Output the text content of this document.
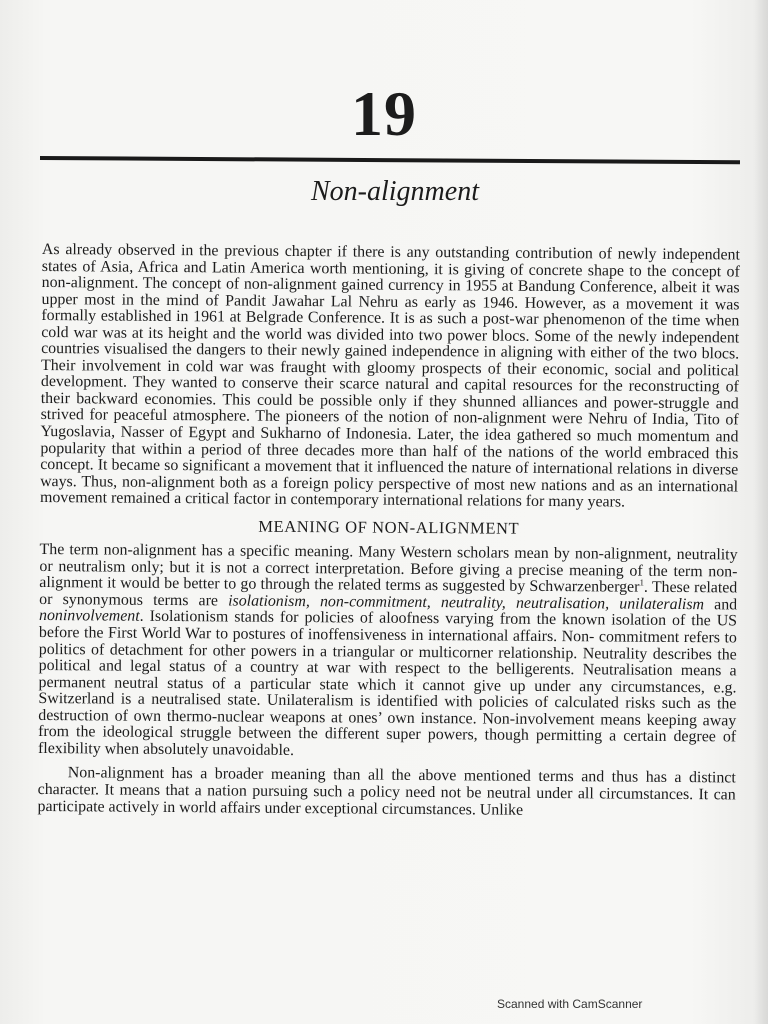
19
Non-alignment

As already observed in the previous chapter if there is any outstanding contribution of newly independent states of Asia, Africa and Latin America worth mentioning, it is giving of concrete shape to the concept of non-alignment. The concept of non-alignment gained currency in 1955 at Bandung Conference, albeit it was upper most in the mind of Pandit Jawahar Lal Nehru as early as 1946. However, as a movement it was formally established in 1961 at Belgrade Conference. It is as such a post-war phenomenon of the time when cold war was at its height and the world was divided into two power blocs. Some of the newly independent countries visualised the dangers to their newly gained independence in aligning with either of the two blocs. Their involvement in cold war was fraught with gloomy prospects of their economic, social and political development. They wanted to conserve their scarce natural and capital resources for the reconstructing of their backward economies. This could be possible only if they shunned alliances and power-struggle and strived for peaceful atmosphere. The pioneers of the notion of non-alignment were Nehru of India, Tito of Yugoslavia, Nasser of Egypt and Sukharno of Indonesia. Later, the idea gathered so much momentum and popularity that within a period of three decades more than half of the nations of the world embraced this concept. It became so significant a movement that it influenced the nature of international relations in diverse ways. Thus, non-alignment both as a foreign policy perspective of most new nations and as an international movement remained a critical factor in contemporary international relations for many years.

MEANING OF NON-ALIGNMENT

The term non-alignment has a specific meaning. Many Western scholars mean by non-alignment, neutrality or neutralism only; but it is not a correct interpretation. Before giving a precise meaning of the term non-alignment it would be better to go through the related terms as suggested by Schwarzenberger$^1$. These related or synonymous terms are isolationism, non-commitment, neutrality, neutralisation, unilateralism and noninvolvement. Isolationism stands for policies of aloofness varying from the known isolation of the US before the First World War to postures of inoffensiveness in international affairs. Non- commitment refers to politics of detachment for other powers in a triangular or multicorner relationship. Neutrality describes the political and legal status of a country at war with respect to the belligerents. Neutralisation means a permanent neutral status of a particular state which it cannot give up under any circumstances, e.g. Switzerland is a neutralised state. Unilateralism is identified with policies of calculated risks such as the destruction of own thermo-nuclear weapons at ones’ own instance. Non-involvement means keeping away from the ideological struggle between the different super powers, though permitting a certain degree of flexibility when absolutely unavoidable.

Non-alignment has a broader meaning than all the above mentioned terms and thus has a distinct character. It means that a nation pursuing such a policy need not be neutral under all circumstances. It can participate actively in world affairs under exceptional circumstances. Unlike

Scanned with CamScanner
